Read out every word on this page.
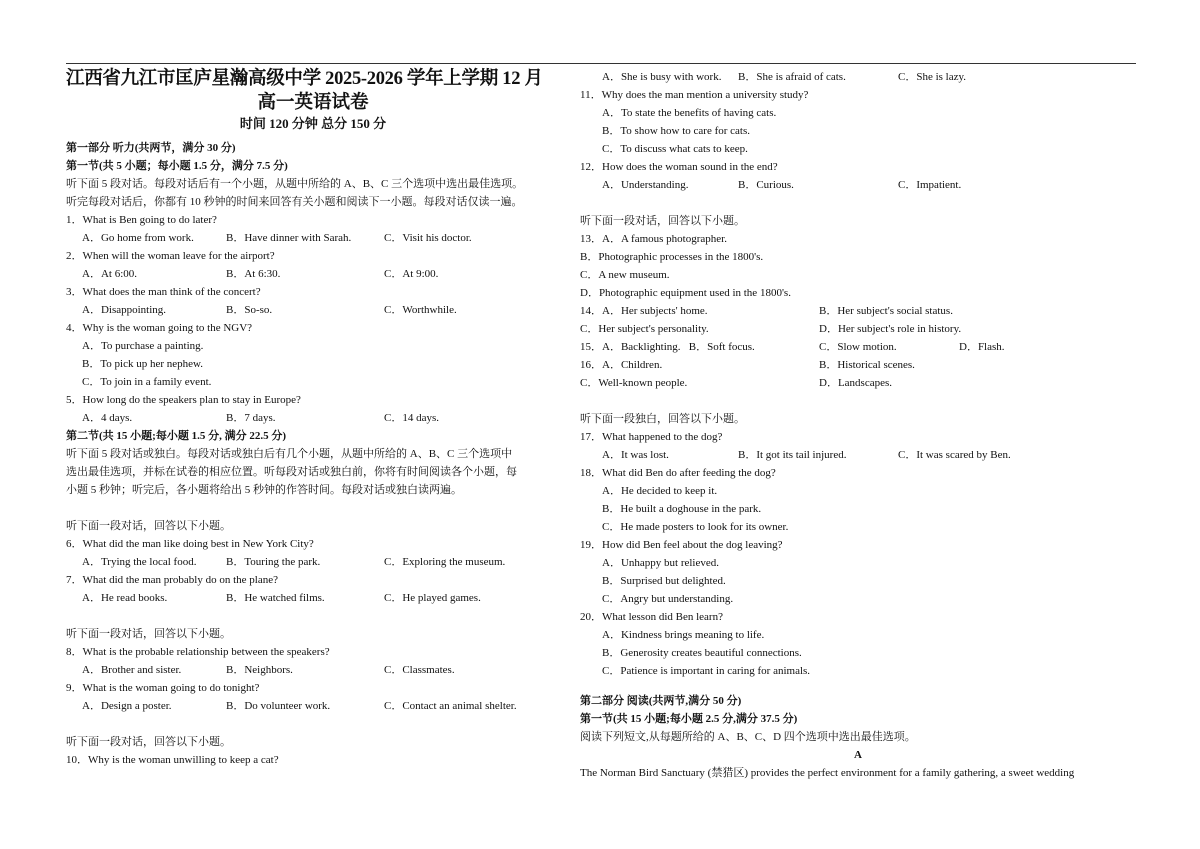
江西省九江市匡庐星瀚高级中学 2025-2026 学年上学期 12 月
高一英语试卷
时间 120 分钟 总分 150 分
第一部分 听力(共两节，满分 30 分)
第一节(共 5 小题；每小题 1.5 分，满分 7.5 分)
听下面 5 段对话。每段对话后有一个小题，从题中所给的 A、B、C 三个选项中选出最佳选项。
听完每段对话后，你都有 10 秒钟的时间来回答有关小题和阅读下一小题。每段对话仅读一遍。
1．What is Ben going to do later?
A．Go home from work.	B．Have dinner with Sarah.	C．Visit his doctor.
2．When will the woman leave for the airport?
A．At 6:00.	B．At 6:30.	C．At 9:00.
3．What does the man think of the concert?
A．Disappointing.	B．So-so.	C．Worthwhile.
4．Why is the woman going to the NGV?
A．To purchase a painting.
B．To pick up her nephew.
C．To join in a family event.
5．How long do the speakers plan to stay in Europe?
A．4 days.	B．7 days.	C．14 days.
第二节(共 15 小题;每小题 1.5 分, 满分 22.5 分)
听下面 5 段对话或独白。每段对话或独白后有几个小题，从题中所给的 A、B、C 三个选项中
选出最佳选项，并标在试卷的相应位置。听每段对话或独白前，你将有时间阅读各个小题，每
小题 5 秒钟；听完后，各小题将给出 5 秒钟的作答时间。每段对话或独白读两遍。
听下面一段对话，回答以下小题。
6．What did the man like doing best in New York City?
A．Trying the local food.	B．Touring the park.	C．Exploring the museum.
7．What did the man probably do on the plane?
A．He read books.	B．He watched films.	C．He played games.
听下面一段对话，回答以下小题。
8．What is the probable relationship between the speakers?
A．Brother and sister.	B．Neighbors.	C．Classmates.
9．What is the woman going to do tonight?
A．Design a poster.	B．Do volunteer work.	C．Contact an animal shelter.
听下面一段对话，回答以下小题。
10．Why is the woman unwilling to keep a cat?
A．She is busy with work. B．She is afraid of cats.	C．She is lazy.
11．Why does the man mention a university study?
A．To state the benefits of having cats.
B．To show how to care for cats.
C．To discuss what cats to keep.
12．How does the woman sound in the end?
A．Understanding.	B．Curious.	C．Impatient.
听下面一段对话，回答以下小题。
13．A．A famous photographer.
B．Photographic processes in the 1800's.
C．A new museum.
D．Photographic equipment used in the 1800's.
14．A．Her subjects' home.	B．Her subject's social status.
C．Her subject's personality.	D．Her subject's role in history.
15．A．Backlighting.   B．Soft focus.	C．Slow motion.	D．Flash.
16．A．Children.	B．Historical scenes.
C．Well-known people.	D．Landscapes.
听下面一段独白，回答以下小题。
17．What happened to the dog?
A．It was lost.	B．It got its tail injured.	C．It was scared by Ben.
18．What did Ben do after feeding the dog?
A．He decided to keep it.
B．He built a doghouse in the park.
C．He made posters to look for its owner.
19．How did Ben feel about the dog leaving?
A．Unhappy but relieved.
B．Surprised but delighted.
C．Angry but understanding.
20．What lesson did Ben learn?
A．Kindness brings meaning to life.
B．Generosity creates beautiful connections.
C．Patience is important in caring for animals.
第二部分 阅读(共两节,满分 50 分)
第一节(共 15 小题;每小题 2.5 分,满分 37.5 分)
阅读下列短文,从每题所给的 A、B、C、D 四个选项中选出最佳选项。
A
The Norman Bird Sanctuary (禁猎区) provides the perfect environment for a family gathering, a sweet wedding
